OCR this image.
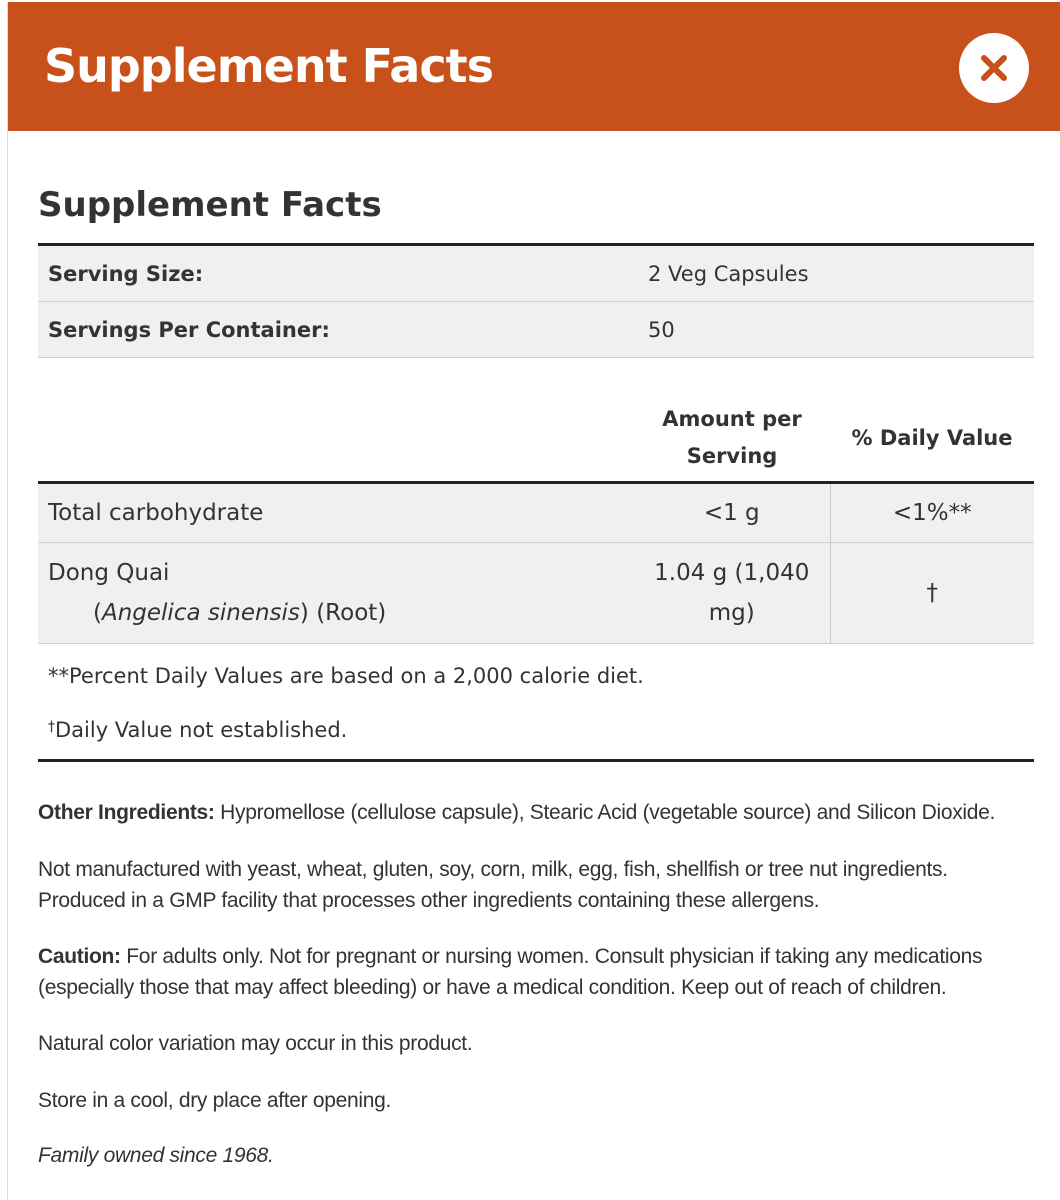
Supplement Facts
Supplement Facts
Serving Size:	2 Veg Capsules
Servings Per Container:	50
	Amount per Serving	% Daily Value
Total carbohydrate	<1 g	<1%**
Dong Quai
(Angelica sinensis) (Root)	1.04 g (1,040 mg)	†
**Percent Daily Values are based on a 2,000 calorie diet.
†Daily Value not established.
Other Ingredients: Hypromellose (cellulose capsule), Stearic Acid (vegetable source) and Silicon Dioxide.
Not manufactured with yeast, wheat, gluten, soy, corn, milk, egg, fish, shellfish or tree nut ingredients.
Produced in a GMP facility that processes other ingredients containing these allergens.
Caution: For adults only. Not for pregnant or nursing women. Consult physician if taking any medications
(especially those that may affect bleeding) or have a medical condition. Keep out of reach of children.
Natural color variation may occur in this product.
Store in a cool, dry place after opening.
Family owned since 1968.
